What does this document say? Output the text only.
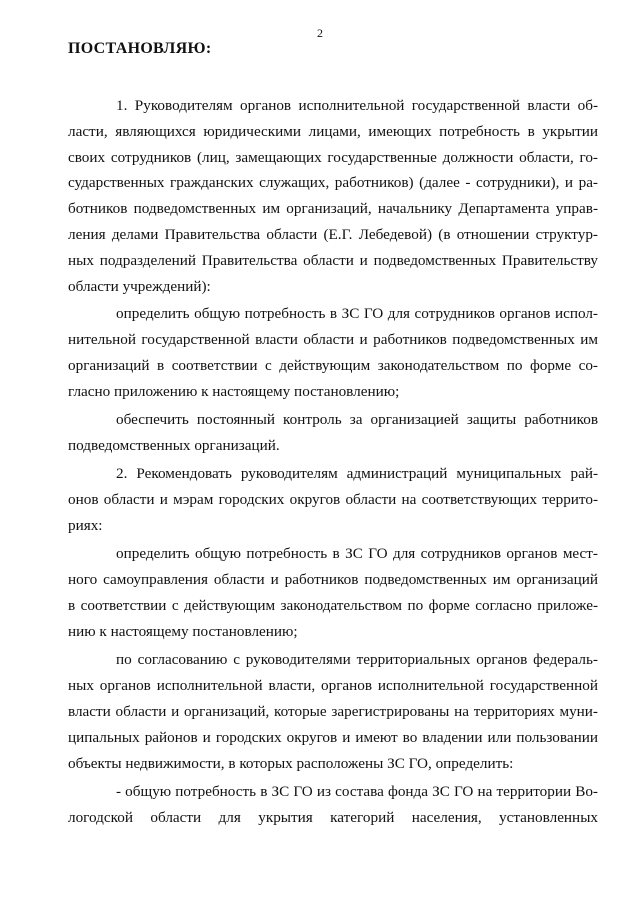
2
ПОСТАНОВЛЯЮ:
1. Руководителям органов исполнительной государственной власти об-
ласти, являющихся юридическими лицами, имеющих потребность в укрытии
своих сотрудников (лиц, замещающих государственные должности области, го-
сударственных гражданских служащих, работников) (далее - сотрудники), и ра-
ботников подведомственных им организаций, начальнику Департамента управ-
ления делами Правительства области (Е.Г. Лебедевой) (в отношении структур-
ных подразделений Правительства области и подведомственных Правительству
области учреждений):
определить общую потребность в ЗС ГО для сотрудников органов испол-
нительной государственной власти области и работников подведомственных им
организаций в соответствии с действующим законодательством по форме со-
гласно приложению к настоящему постановлению;
обеспечить постоянный контроль за организацией защиты работников
подведомственных организаций.
2. Рекомендовать руководителям администраций муниципальных рай-
онов области и мэрам городских округов области на соответствующих террито-
риях:
определить общую потребность в ЗС ГО для сотрудников органов мест-
ного самоуправления области и работников подведомственных им организаций
в соответствии с действующим законодательством по форме согласно приложе-
нию к настоящему постановлению;
по согласованию с руководителями территориальных органов федераль-
ных органов исполнительной власти, органов исполнительной государственной
власти области и организаций, которые зарегистрированы на территориях муни-
ципальных районов и городских округов и имеют во владении или пользовании
объекты недвижимости, в которых расположены ЗС ГО, определить:
- общую потребность в ЗС ГО из состава фонда ЗС ГО на территории Во-
логодской области для укрытия категорий населения, установленных
